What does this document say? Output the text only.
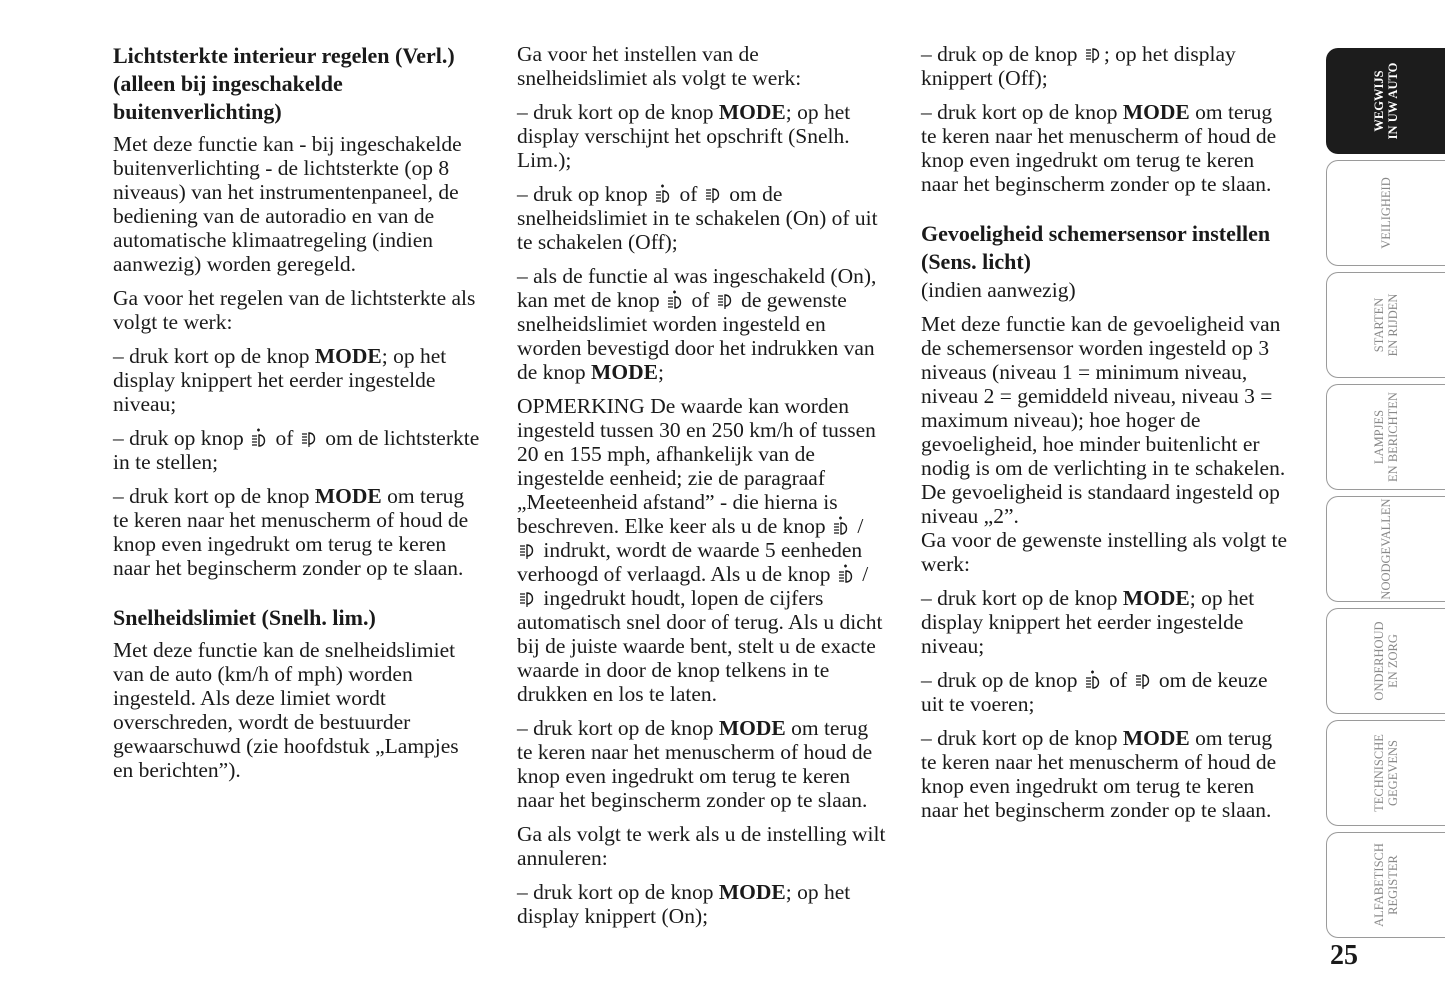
Lichtsterkte interieur regelen (Verl.) (alleen bij ingeschakelde buitenverlichting)

Met deze functie kan - bij ingeschakelde buitenverlichting - de lichtsterkte (op 8 niveaus) van het instrumentenpaneel, de bediening van de autoradio en van de automatische klimaatregeling (indien aanwezig) worden geregeld.

Ga voor het regelen van de lichtsterkte als volgt te werk:

– druk kort op de knop MODE; op het display knippert het eerder ingestelde niveau;

– druk op knop
of
om de lichtsterkte in te stellen;

– druk kort op de knop MODE om terug te keren naar het menuscherm of houd de knop even ingedrukt om terug te keren naar het beginscherm zonder op te slaan.

Snelheidslimiet (Snelh. lim.)

Met deze functie kan de snelheidslimiet van de auto (km/h of mph) worden ingesteld. Als deze limiet wordt overschreden, wordt de bestuurder gewaarschuwd (zie hoofdstuk „Lampjes en berichten”).

Ga voor het instellen van de snelheidslimiet als volgt te werk:

– druk kort op de knop MODE; op het display verschijnt het opschrift (Snelh. Lim.);

– druk op knop
of
om de snelheidslimiet in te schakelen (On) of uit te schakelen (Off);

– als de functie al was ingeschakeld (On), kan met de knop
of
de gewenste snelheidslimiet worden ingesteld en worden bevestigd door het indrukken van de knop MODE;

OPMERKING De waarde kan worden ingesteld tussen 30 en 250 km/h of tussen 20 en 155 mph, afhankelijk van de ingestelde eenheid; zie de paragraaf „Meeteenheid afstand” - die hierna is beschreven. Elke keer als u de knop
/
indrukt, wordt de waarde 5 eenheden verhoogd of verlaagd. Als u de knop
/
ingedrukt houdt, lopen de cijfers automatisch snel door of terug. Als u dicht bij de juiste waarde bent, stelt u de exacte waarde in door de knop telkens in te drukken en los te laten.

– druk kort op de knop MODE om terug te keren naar het menuscherm of houd de knop even ingedrukt om terug te keren naar het beginscherm zonder op te slaan.

Ga als volgt te werk als u de instelling wilt annuleren:

– druk kort op de knop MODE; op het display knippert (On);

– druk op de knop
; op het display knippert (Off);

– druk kort op de knop MODE om terug te keren naar het menuscherm of houd de knop even ingedrukt om terug te keren naar het beginscherm zonder op te slaan.

Gevoeligheid schemersensor instellen (Sens. licht)

(indien aanwezig)

Met deze functie kan de gevoeligheid van de schemersensor worden ingesteld op 3 niveaus (niveau 1 = minimum niveau, niveau 2 = gemiddeld niveau, niveau 3 = maximum niveau); hoe hoger de gevoeligheid, hoe minder buitenlicht er nodig is om de verlichting in te schakelen. De gevoeligheid is standaard ingesteld op niveau „2”.

Ga voor de gewenste instelling als volgt te werk:

– druk kort op de knop MODE; op het display knippert het eerder ingestelde niveau;

– druk op de knop
of
om de keuze uit te voeren;

– druk kort op de knop MODE om terug te keren naar het menuscherm of houd de knop even ingedrukt om terug te keren naar het beginscherm zonder op te slaan.

WEGWIJS IN UW AUTO
VEILIGHEID
STARTEN EN RIJDEN
LAMPJES EN BERICHTEN
NOODGEVALLEN
ONDERHOUD EN ZORG
TECHNISCHE GEGEVENS
ALFABETISCH REGISTER
25
